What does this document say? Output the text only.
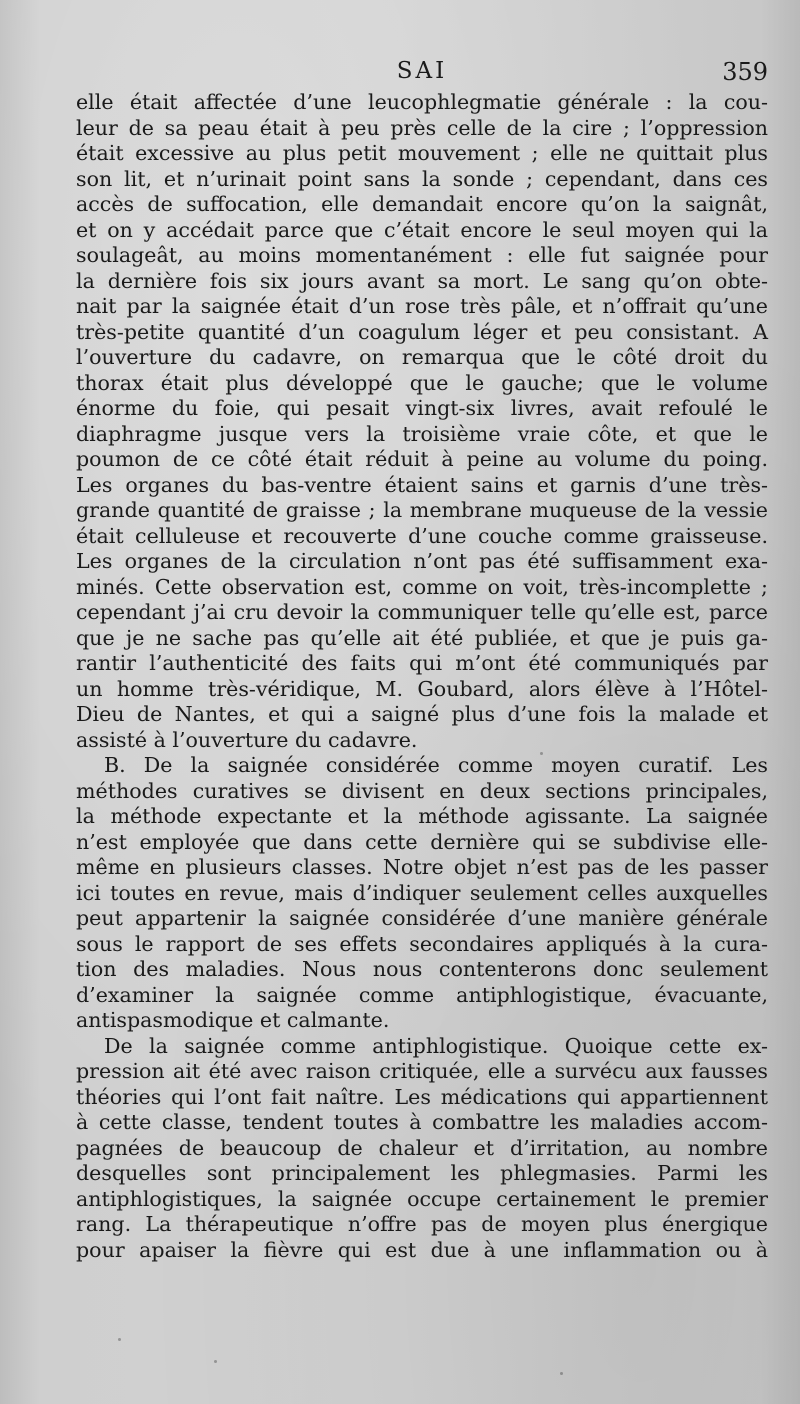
SAI	359
elle était affectée d’une leucophlegmatie générale : la cou-
leur de sa peau était à peu près celle de la cire ; l’oppression
était excessive au plus petit mouvement ; elle ne quittait plus
son lit, et n’urinait point sans la sonde ; cependant, dans ces
accès de suffocation, elle demandait encore qu’on la saignât,
et on y accédait parce que c’était encore le seul moyen qui la
soulageât, au moins momentanément : elle fut saignée pour
la dernière fois six jours avant sa mort. Le sang qu’on obte-
nait par la saignée était d’un rose très pâle, et n’offrait qu’une
très-petite quantité d’un coagulum léger et peu consistant. A
l’ouverture du cadavre, on remarqua que le côté droit du
thorax était plus développé que le gauche; que le volume
énorme du foie, qui pesait vingt-six livres, avait refoulé le
diaphragme jusque vers la troisième vraie côte, et que le
poumon de ce côté était réduit à peine au volume du poing.
Les organes du bas-ventre étaient sains et garnis d’une très-
grande quantité de graisse ; la membrane muqueuse de la vessie
était celluleuse et recouverte d’une couche comme graisseuse.
Les organes de la circulation n’ont pas été suffisamment exa-
minés. Cette observation est, comme on voit, très-incomplette ;
cependant j’ai cru devoir la communiquer telle qu’elle est, parce
que je ne sache pas qu’elle ait été publiée, et que je puis ga-
rantir l’authenticité des faits qui m’ont été communiqués par
un homme très-véridique, M. Goubard, alors élève à l’Hôtel-
Dieu de Nantes, et qui a saigné plus d’une fois la malade et
assisté à l’ouverture du cadavre.
B. De la saignée considérée comme moyen curatif. Les
méthodes curatives se divisent en deux sections principales,
la méthode expectante et la méthode agissante. La saignée
n’est employée que dans cette dernière qui se subdivise elle-
même en plusieurs classes. Notre objet n’est pas de les passer
ici toutes en revue, mais d’indiquer seulement celles auxquelles
peut appartenir la saignée considérée d’une manière générale
sous le rapport de ses effets secondaires appliqués à la cura-
tion des maladies. Nous nous contenterons donc seulement
d’examiner la saignée comme antiphlogistique, évacuante,
antispasmodique et calmante.
De la saignée comme antiphlogistique. Quoique cette ex-
pression ait été avec raison critiquée, elle a survécu aux fausses
théories qui l’ont fait naître. Les médications qui appartiennent
à cette classe, tendent toutes à combattre les maladies accom-
pagnées de beaucoup de chaleur et d’irritation, au nombre
desquelles sont principalement les phlegmasies. Parmi les
antiphlogistiques, la saignée occupe certainement le premier
rang. La thérapeutique n’offre pas de moyen plus énergique
pour apaiser la fièvre qui est due à une inflammation ou à
